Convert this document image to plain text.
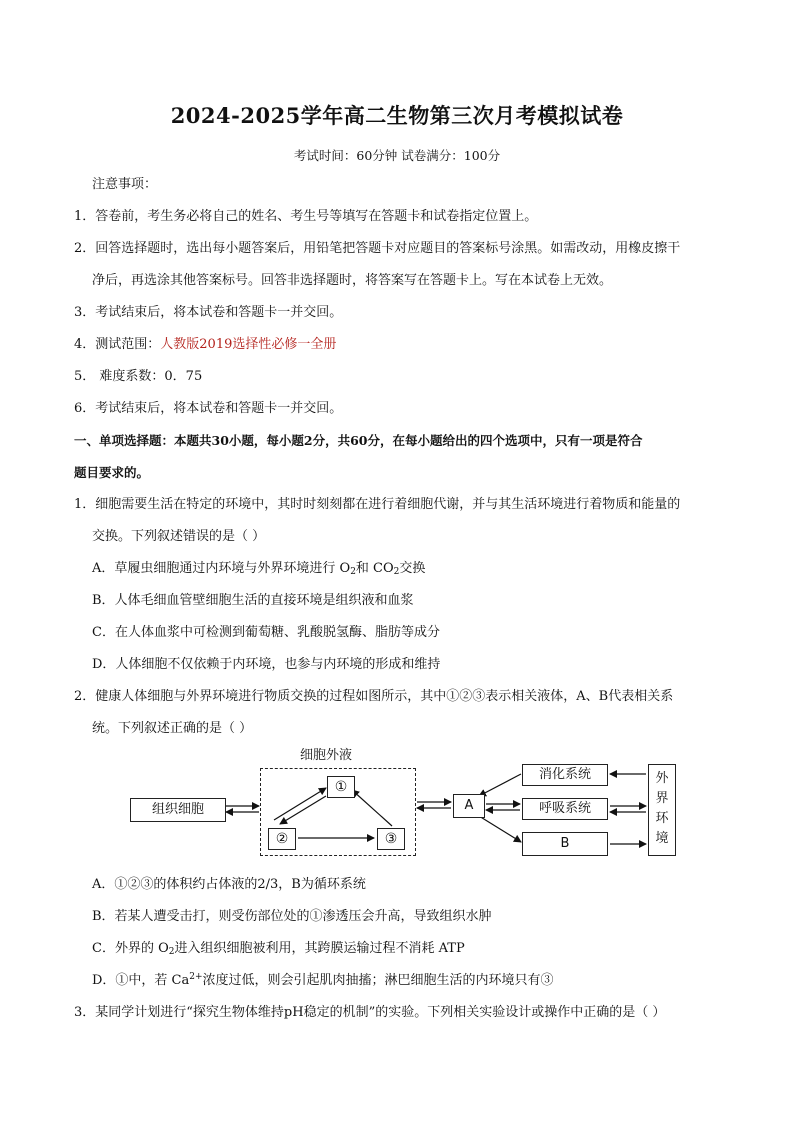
2024-2025学年高二生物第三次月考模拟试卷
考试时间：60分钟 试卷满分：100分
注意事项：
1．答卷前，考生务必将自己的姓名、考生号等填写在答题卡和试卷指定位置上。
2．回答选择题时，选出每小题答案后，用铅笔把答题卡对应题目的答案标号涂黑。如需改动，用橡皮擦干
净后，再选涂其他答案标号。回答非选择题时，将答案写在答题卡上。写在本试卷上无效。
3．考试结束后，将本试卷和答题卡一并交回。
4．测试范围：人教版2019选择性必修一全册
5． 难度系数：0．75
6．考试结束后，将本试卷和答题卡一并交回。
一、单项选择题：本题共30小题，每小题2分，共60分，在每小题给出的四个选项中，只有一项是符合
题目要求的。
1．细胞需要生活在特定的环境中，其时时刻刻都在进行着细胞代谢，并与其生活环境进行着物质和能量的
交换。下列叙述错误的是（ ）
A．草履虫细胞通过内环境与外界环境进行 $O_2$和 $CO_2$交换
B．人体毛细血管壁细胞生活的直接环境是组织液和血浆
C．在人体血浆中可检测到葡萄糖、乳酸脱氢酶、脂肪等成分
D．人体细胞不仅依赖于内环境，也参与内环境的形成和维持
2．健康人体细胞与外界环境进行物质交换的过程如图所示，其中①②③表示相关液体，A、B代表相关系
统。下列叙述正确的是（ ）
细胞外液
组织细胞
①
②	③
A
消化系统
呼吸系统
B
外
界
环
境
A．①②③的体积约占体液的2/3，B为循环系统
B．若某人遭受击打，则受伤部位处的①渗透压会升高，导致组织水肿
C．外界的 $O_2$进入组织细胞被利用，其跨膜运输过程不消耗 ATP
D．①中，若 $Ca^{2+}$浓度过低，则会引起肌肉抽搐；淋巴细胞生活的内环境只有③
3．某同学计划进行“探究生物体维持pH稳定的机制”的实验。下列相关实验设计或操作中正确的是（ ）
